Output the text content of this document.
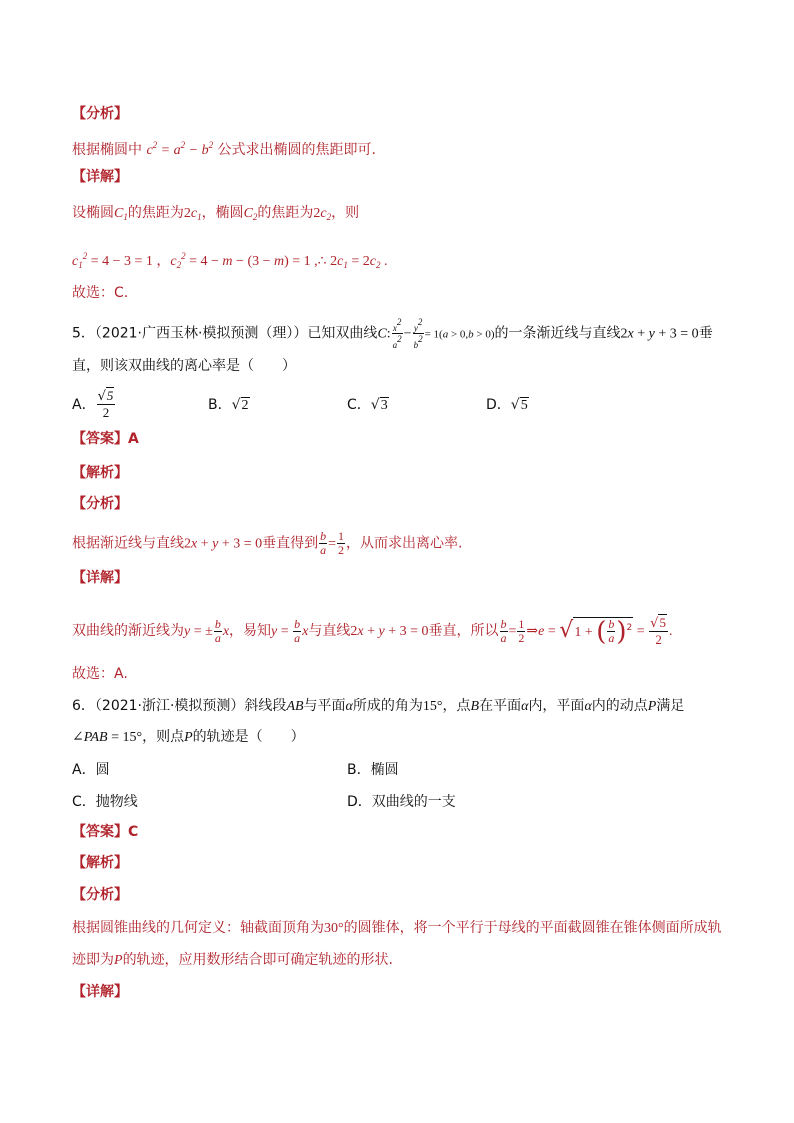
【分析】
根据椭圆中 $c^2 = a^2 - b^2$ 公式求出椭圆的焦距即可.
【详解】
设椭圆$C_1$的焦距为$2c_1$，椭圆$C_2$的焦距为$2c_2$，则
$c_1^2 = 4 - 3 = 1$ ，$c_2^2 = 4 - m - (3 - m) = 1$ ,∴ $2c_1 = 2c_2$ .
故选：C.
5．（2021·广西玉林·模拟预测（理））已知双曲线C: $\frac{x2}{a2} - \frac{y2}{b2} = 1(a > 0,b > 0)$的一条渐近线与直线2x + y + 3 = 0垂
直，则该双曲线的离心率是（　　）
A． $\frac{√5}{2}$	B．√2	C．√3	D．√5
【答案】A
【解析】
【分析】
根据渐近线与直线2x + y + 3 = 0垂直得到 $\frac{b}{a} = \frac{1}{2}$ ，从而求出离心率.
【详解】
双曲线的渐近线为y = ± $\frac{b}{a}$ x，易知$y = \frac{b}{a}$ x与直线2x + y + 3 = 0垂直，所以 $\frac{b}{a} = \frac{1}{2}$ ⇒e = √1 + ( $\frac{b}{a} )^2 = \frac{√5}{2}$ .
故选：A.
6．（2021·浙江·模拟预测）斜线段AB与平面α所成的角为15°，点B在平面α内，平面α内的动点P满足
∠PAB = 15°，则点P的轨迹是（　　）
A．圆	B．椭圆
C．抛物线	D．双曲线的一支
【答案】C
【解析】
【分析】
根据圆锥曲线的几何定义：轴截面顶角为30°的圆锥体，将一个平行于母线的平面截圆锥在锥体侧面所成轨
迹即为P的轨迹，应用数形结合即可确定轨迹的形状.
【详解】
